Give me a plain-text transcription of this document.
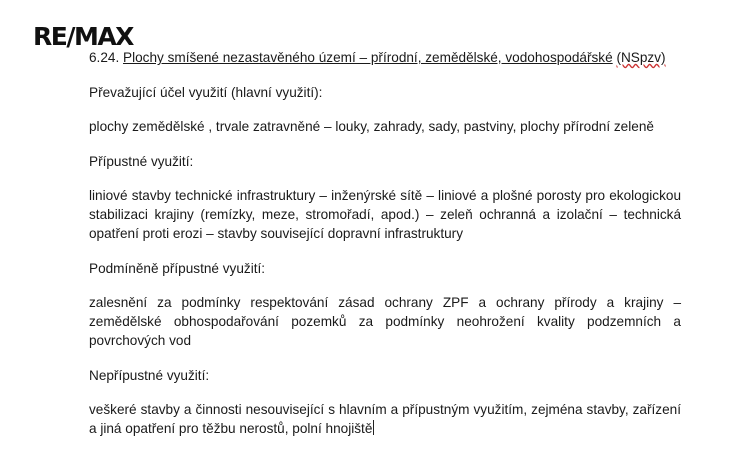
RE/MAX

6.24. Plochy smíšené nezastavěného území – přírodní, zemědělské, vodohospodářské (NSpzv)

Převažující účel využití (hlavní využití):

plochy zemědělské , trvale zatravněné – louky, zahrady, sady, pastviny, plochy přírodní zeleně

Přípustné využití:

liniové stavby technické infrastruktury – inženýrské sítě – liniové a plošné porosty pro ekologickou stabilizaci krajiny (remízky, meze, stromořadí, apod.) – zeleň ochranná a izolační – technická opatření proti erozi – stavby související dopravní infrastruktury

Podmíněně přípustné využití:

zalesnění za podmínky respektování zásad ochrany ZPF a ochrany přírody a krajiny – zemědělské obhospodařování pozemků za podmínky neohrožení kvality podzemních a povrchových vod

Nepřípustné využití:

veškeré stavby a činnosti nesouvisející s hlavním a přípustným využitím, zejména stavby, zařízení a jiná opatření pro těžbu nerostů, polní hnojiště
